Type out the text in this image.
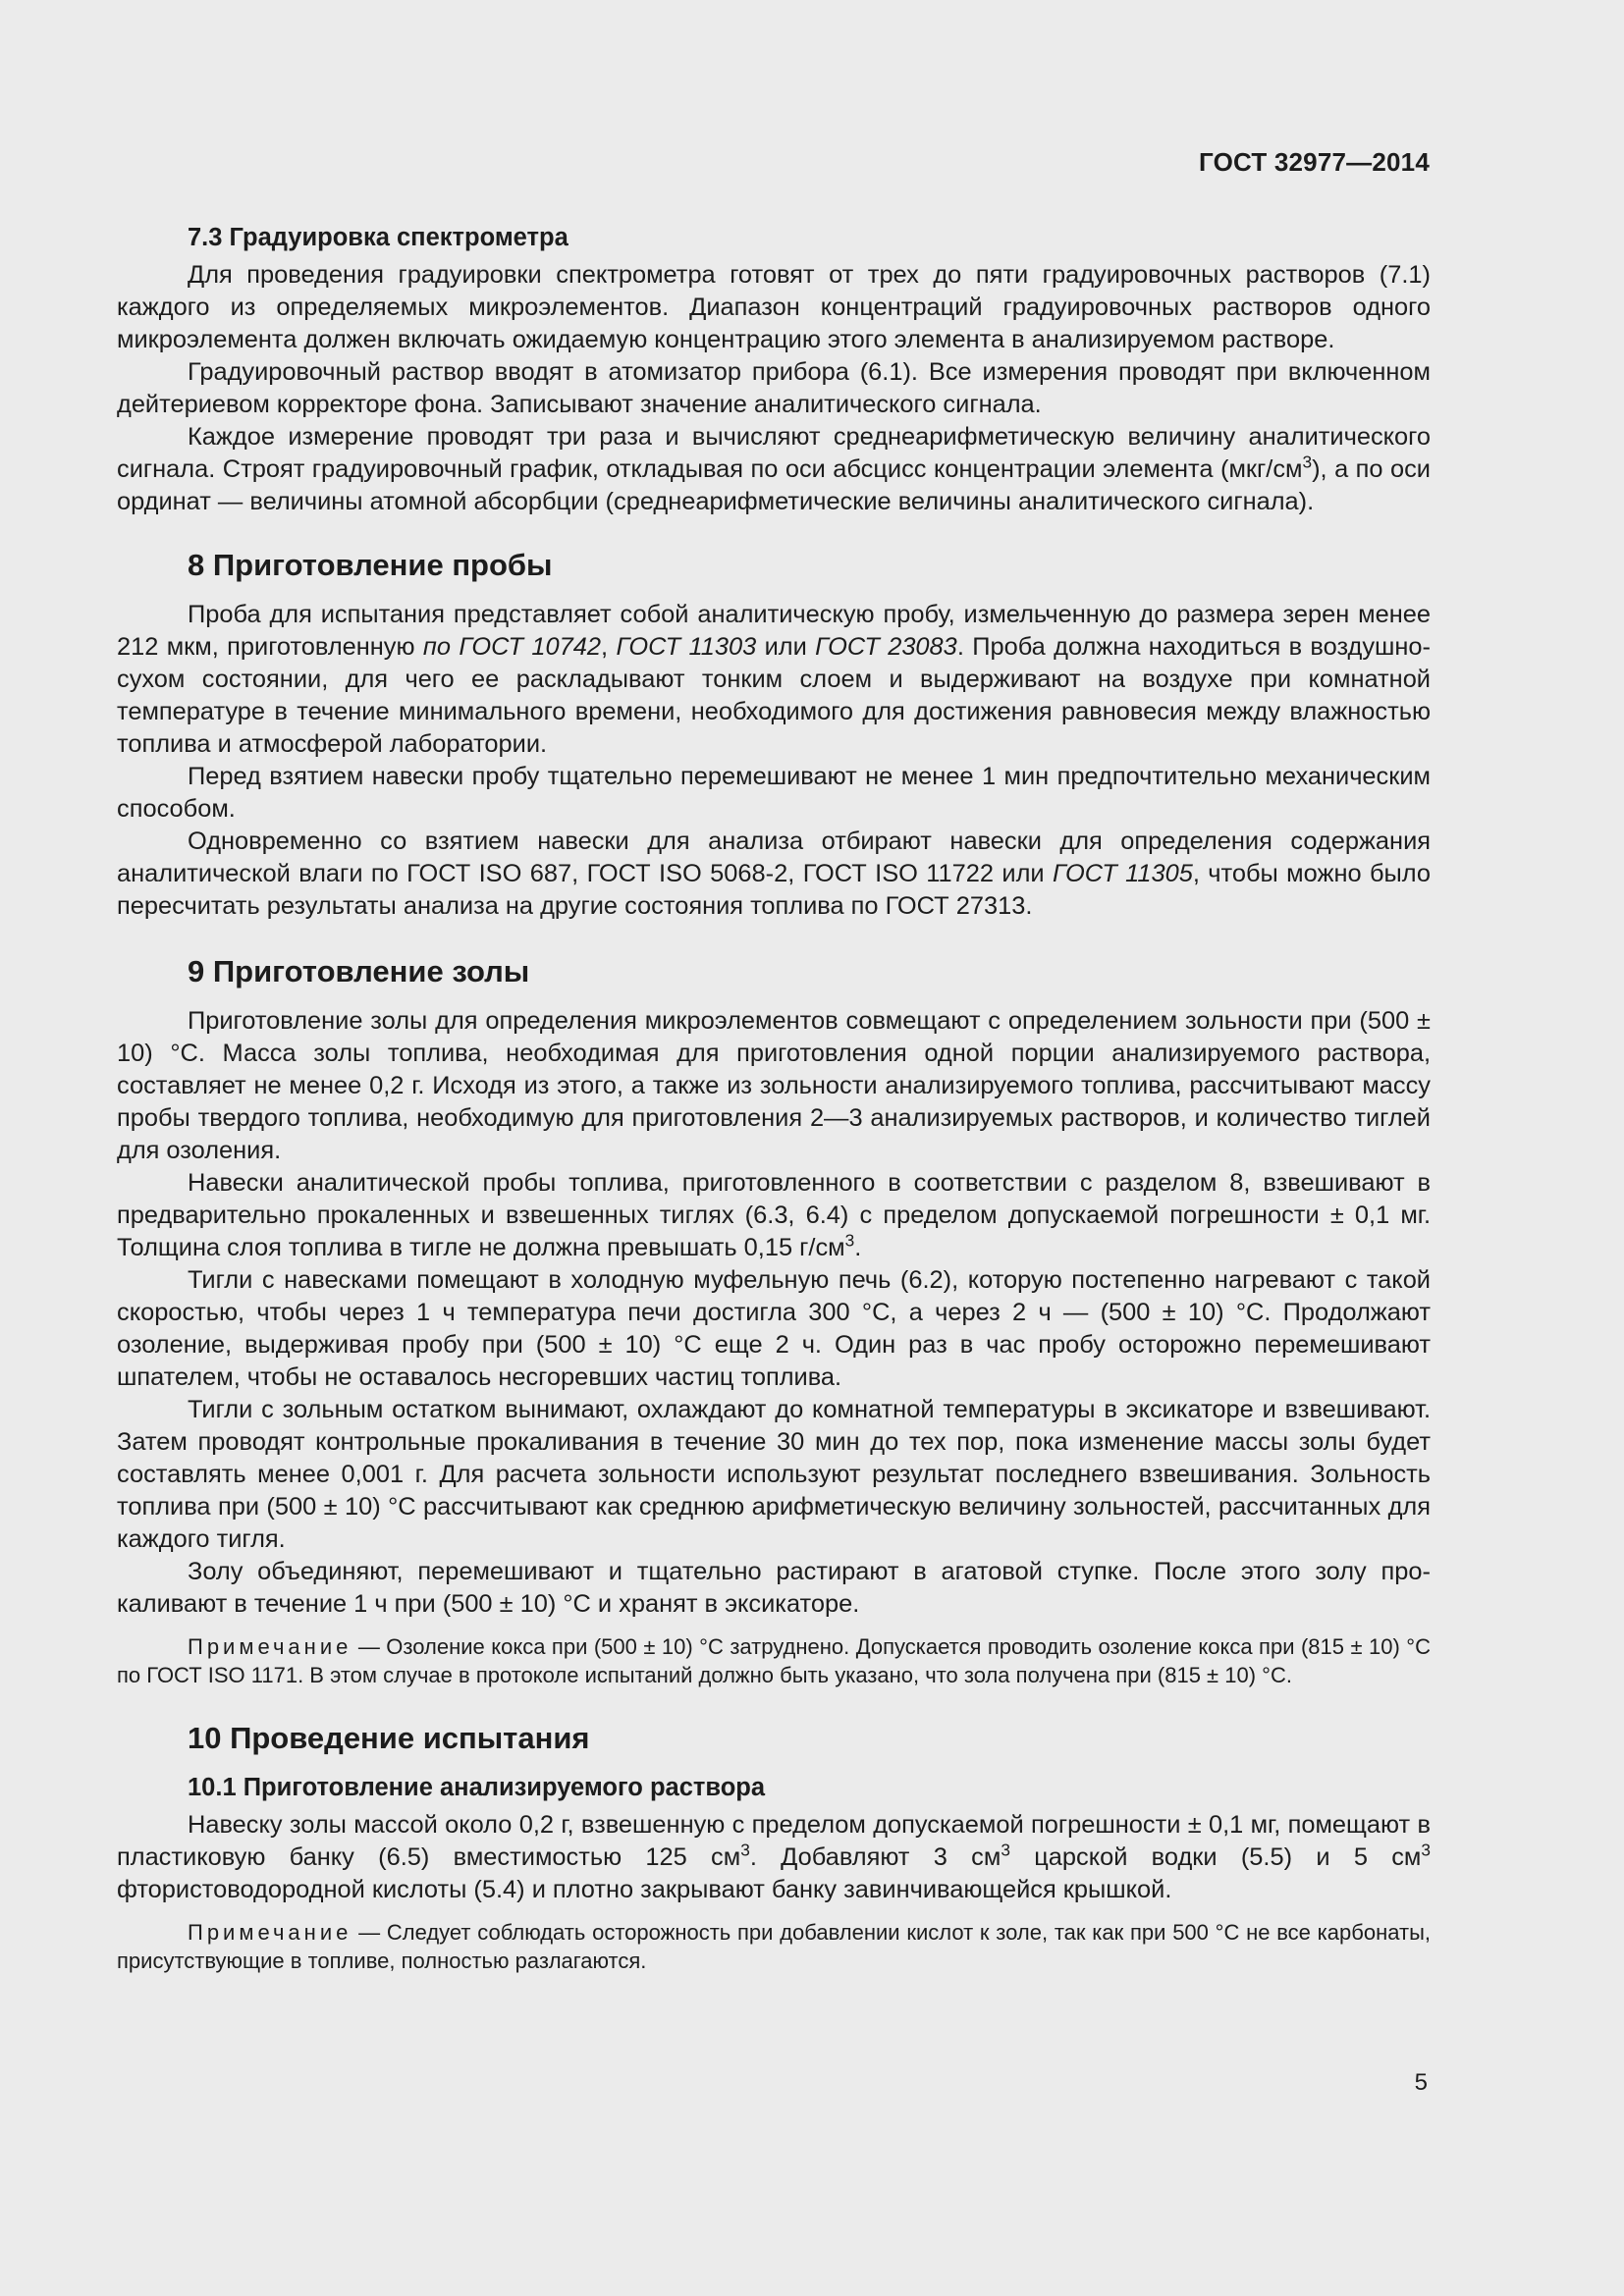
ГОСТ 32977—2014
7.3 Градуировка спектрометра

Для проведения градуировки спектрометра готовят от трех до пяти градуировочных растворов (7.1) каждого из определяемых микроэлементов. Диапазон концентраций градуировочных растворов одного микроэлемента должен включать ожидаемую концентрацию этого элемента в анализируемом растворе.

Градуировочный раствор вводят в атомизатор прибора (6.1). Все измерения проводят при включенном дейтериевом корректоре фона. Записывают значение аналитического сигнала.

Каждое измерение проводят три раза и вычисляют среднеарифметическую величину аналитического сигнала. Строят градуировочный график, откладывая по оси абсцисс концентрации элемента $(мкг/см^3)$, а по оси ординат — величины атомной абсорбции (среднеарифметические величины аналитического сигнала).

8 Приготовление пробы

Проба для испытания представляет собой аналитическую пробу, измельченную до размера зерен менее 212 мкм, приготовленную по ГОСТ 10742, ГОСТ 11303 или ГОСТ 23083. Проба должна находиться в воздушно-сухом состоянии, для чего ее раскладывают тонким слоем и выдерживают на воздухе при комнатной температуре в течение минимального времени, необходимого для достижения равновесия между влажностью топлива и атмосферой лаборатории.

Перед взятием навески пробу тщательно перемешивают не менее 1 мин предпочтительно механическим способом.

Одновременно со взятием навески для анализа отбирают навески для определения содержания аналитической влаги по ГОСТ ISO 687, ГОСТ ISO 5068-2, ГОСТ ISO 11722 или ГОСТ 11305, чтобы можно было пересчитать результаты анализа на другие состояния топлива по ГОСТ 27313.

9 Приготовление золы

Приготовление золы для определения микроэлементов совмещают с определением зольности при (500 ± 10) °С. Масса золы топлива, необходимая для приготовления одной порции анализируемого раствора, составляет не менее 0,2 г. Исходя из этого, а также из зольности анализируемого топлива, рассчитывают массу пробы твердого топлива, необходимую для приготовления 2—3 анализируемых растворов, и количество тиглей для озоления.

Навески аналитической пробы топлива, приготовленного в соответствии с разделом 8, взвешивают в предварительно прокаленных и взвешенных тиглях (6.3, 6.4) с пределом допускаемой погрешности ± 0,1 мг. Толщина слоя топлива в тигле не должна превышать 0,15 $г/см^3$.

Тигли с навесками помещают в холодную муфельную печь (6.2), которую постепенно нагревают с такой скоростью, чтобы через 1 ч температура печи достигла 300 °С, а через 2 ч — (500 ± 10) °С. Продолжают озоление, выдерживая пробу при (500 ± 10) °С еще 2 ч. Один раз в час пробу осторожно перемешивают шпателем, чтобы не оставалось несгоревших частиц топлива.

Тигли с зольным остатком вынимают, охлаждают до комнатной температуры в эксикаторе и взвешивают. Затем проводят контрольные прокаливания в течение 30 мин до тех пор, пока изменение массы золы будет составлять менее 0,001 г. Для расчета зольности используют результат последнего взвешивания. Зольность топлива при (500 ± 10) °С рассчитывают как среднюю арифметическую величину зольностей, рассчитанных для каждого тигля.

Золу объединяют, перемешивают и тщательно растирают в агатовой ступке. После этого золу прокаливают в течение 1 ч при (500 ± 10) °С и хранят в эксикаторе.

Примечание — Озоление кокса при (500 ± 10) °С затруднено. Допускается проводить озоление кокса при (815 ± 10) °С по ГОСТ ISO 1171. В этом случае в протоколе испытаний должно быть указано, что зола получена при (815 ± 10) °С.
10 Проведение испытания
10.1 Приготовление анализируемого раствора

Навеску золы массой около 0,2 г, взвешенную с пределом допускаемой погрешности ± 0,1 мг, помещают в пластиковую банку (6.5) вместимостью 125 $см^3$. Добавляют 3 $см^3$ царской водки (5.5) и 5 $см^3$ фтористоводородной кислоты (5.4) и плотно закрывают банку завинчивающейся крышкой.

Примечание — Следует соблюдать осторожность при добавлении кислот к золе, так как при 500 °С не все карбонаты, присутствующие в топливе, полностью разлагаются.
5
